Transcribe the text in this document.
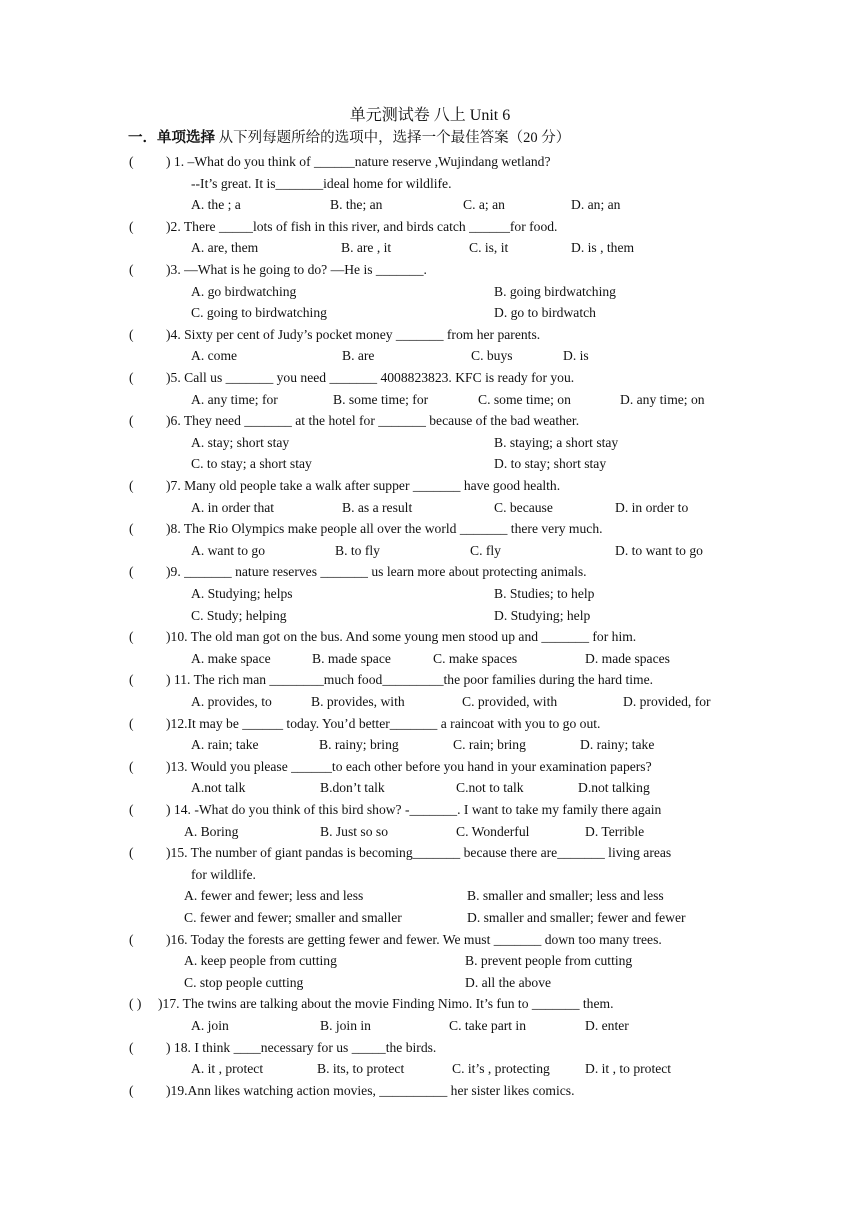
单元测试卷 八上 Unit 6
一．单项选择 从下列每题所给的选项中，选择一个最佳答案（20 分）
( ) 1. –What do you think of ______nature reserve ,Wujindang wetland?
--It’s great. It is_______ideal home for wildlife.
A. the ; a	B. the; an	C. a; an	D. an; an
( )2. There _____lots of fish in this river, and birds catch ______for food.
A. are, them	B. are , it	C. is, it	D. is , them
( )3. —What is he going to do? —He is _______.
A. go birdwatching	B. going birdwatching
C. going to birdwatching	D. go to birdwatch
( )4. Sixty per cent of Judy’s pocket money _______ from her parents.
A. come	B. are	C. buys	D. is
( )5. Call us _______ you need _______ 4008823823. KFC is ready for you.
A. any time; for	B. some time; for	C. some time; on	D. any time; on
( )6. They need _______ at the hotel for _______ because of the bad weather.
A. stay; short stay	B. staying; a short stay
C. to stay; a short stay	D. to stay; short stay
( )7. Many old people take a walk after supper _______ have good health.
A. in order that	B. as a result	C. because	D. in order to
( )8. The Rio Olympics make people all over the world _______ there very much.
A. want to go	B. to fly	C. fly	D. to want to go
( )9. _______ nature reserves _______ us learn more about protecting animals.
A. Studying; helps	B. Studies; to help
C. Study; helping	D. Studying; help
( )10. The old man got on the bus. And some young men stood up and _______ for him.
A. make space	B. made space	C. make spaces	D. made spaces
( ) 11. The rich man ________much food_________the poor families during the hard time.
A. provides, to	B. provides, with	C. provided, with	D. provided, for
( )12.It may be ______ today. You’d better_______ a raincoat with you to go out.
A. rain; take	B. rainy; bring	C. rain; bring	D. rainy; take
( )13. Would you please ______to each other before you hand in your examination papers?
A.not talk	B.don’t talk	C.not to talk	D.not talking
( ) 14. -What do you think of this bird show? -_______. I want to take my family there again
A. Boring	B. Just so so	C. Wonderful	D. Terrible
( )15. The number of giant pandas is becoming_______ because there are_______ living areas
for wildlife.
A. fewer and fewer; less and less	B. smaller and smaller; less and less
C. fewer and fewer; smaller and smaller	D. smaller and smaller; fewer and fewer
( )16. Today the forests are getting fewer and fewer. We must _______ down too many trees.
A. keep people from cutting	B. prevent people from cutting
C. stop people cutting	D. all the above
( ) )17. The twins are talking about the movie Finding Nimo. It’s fun to _______ them.
A. join	B. join in	C. take part in	D. enter
( ) 18. I think ____necessary for us _____the birds.
A. it , protect	B. its, to protect	C. it’s , protecting	D. it , to protect
( )19.Ann likes watching action movies, __________ her sister likes comics.
